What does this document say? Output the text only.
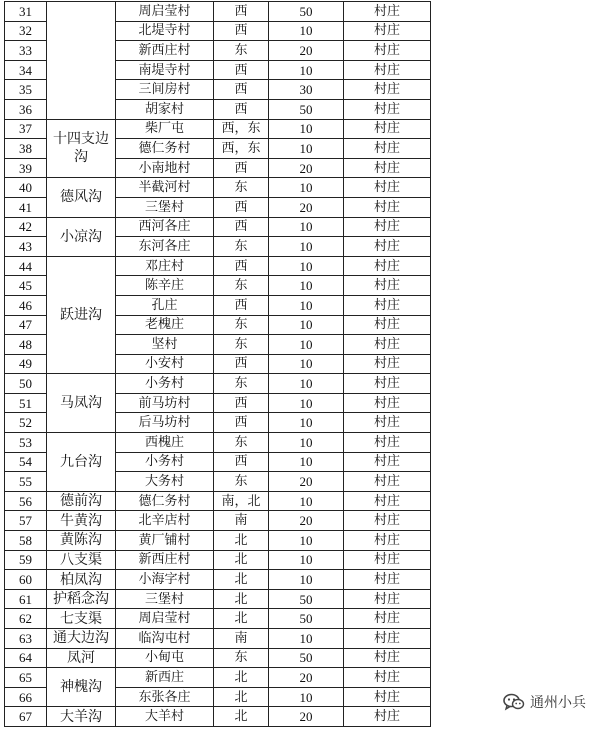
31		周启莹村	西	50	村庄
32		北堤寺村	西	10	村庄
33		新西庄村	东	20	村庄
34		南堤寺村	西	10	村庄
35		三间房村	西	30	村庄
36		胡家村	西	50	村庄
37	十四支边沟	柴厂屯	西，东	10	村庄
38		德仁务村	西，东	10	村庄
39		小南地村	西	20	村庄
40	德风沟	半截河村	东	10	村庄
41		三堡村	西	20	村庄
42	小凉沟	西河各庄	西	10	村庄
43		东河各庄	东	10	村庄
44	跃进沟	邓庄村	西	10	村庄
45		陈辛庄	东	10	村庄
46		孔庄	西	10	村庄
47		老槐庄	东	10	村庄
48		坚村	东	10	村庄
49		小安村	西	10	村庄
50	马凤沟	小务村	东	10	村庄
51		前马坊村	西	10	村庄
52		后马坊村	西	10	村庄
53	九台沟	西槐庄	东	10	村庄
54		小务村	西	10	村庄
55		大务村	东	20	村庄
56	德前沟	德仁务村	南，北	10	村庄
57	牛黄沟	北辛店村	南	20	村庄
58	黄陈沟	黄厂铺村	北	10	村庄
59	八支渠	新西庄村	北	10	村庄
60	柏凤沟	小海字村	北	10	村庄
61	护稻念沟	三堡村	北	50	村庄
62	七支渠	周启莹村	北	50	村庄
63	通大边沟	临沟屯村	南	10	村庄
64	凤河	小甸屯	东	50	村庄
65	神槐沟	新西庄	北	20	村庄
66		东张各庄	北	10	村庄
67	大羊沟	大羊村	北	20	村庄
通州小兵
